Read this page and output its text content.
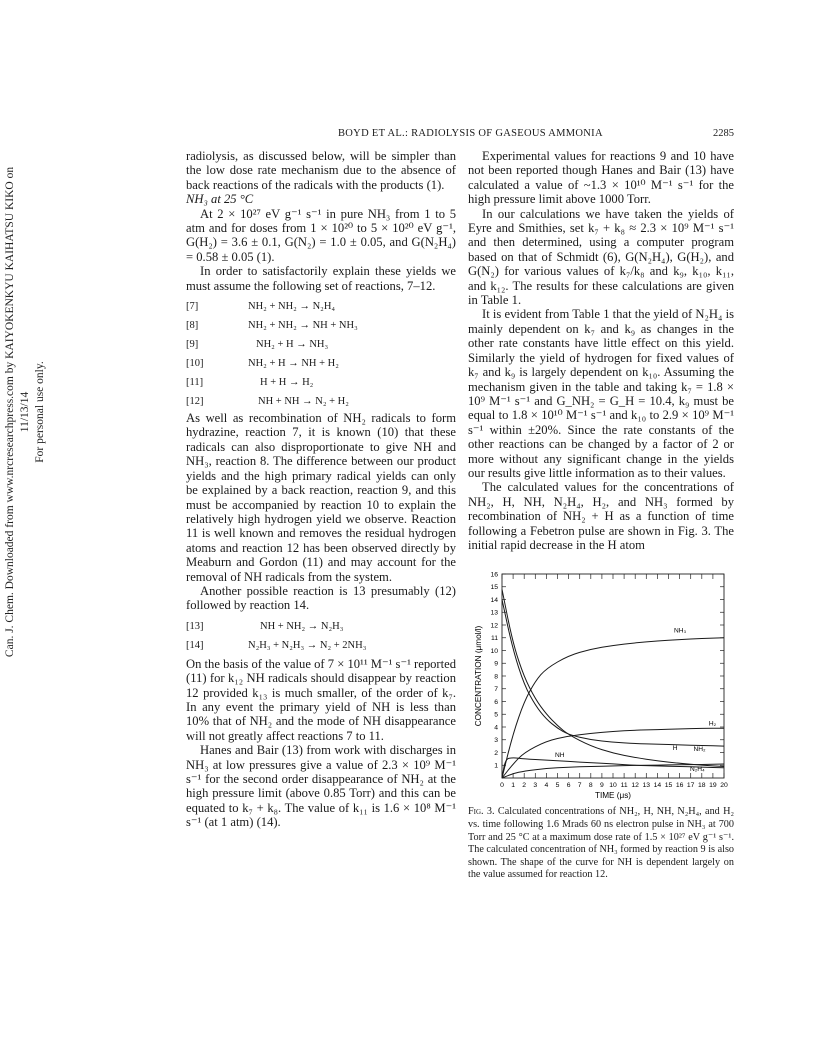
Can. J. Chem. Downloaded from www.nrcresearchpress.com by KAIYOKENKYU KAIHATSU KIKO on 11/13/14 For personal use only.
BOYD ET AL.: RADIOLYSIS OF GASEOUS AMMONIA	2285

radiolysis, as discussed below, will be simpler than the low dose rate mechanism due to the absence of back reactions of the radicals with the products (1).

NH₃ at 25 °C

At 2 × 10²⁷ eV g⁻¹ s⁻¹ in pure NH₃ from 1 to 5 atm and for doses from 1 × 10²⁰ to 5 × 10²⁰ eV g⁻¹, G(H₂) = 3.6 ± 0.1, G(N₂) = 1.0 ± 0.05, and G(N₂H₄) = 0.58 ± 0.05 (1).

In order to satisfactorily explain these yields we must assume the following set of reactions, 7–12.

[7]	NH₂ + NH₂ → N₂H₄
[8]	NH₂ + NH₂ → NH + NH₃
[9]	NH₂ + H → NH₃
[10]	NH₂ + H → NH + H₂
[11]	H + H → H₂
[12]	NH + NH → N₂ + H₂

As well as recombination of NH₂ radicals to form hydrazine, reaction 7, it is known (10) that these radicals can also disproportionate to give NH and NH₃, reaction 8. The difference between our product yields and the high primary radical yields can only be explained by a back reaction, reaction 9, and this must be accompanied by reaction 10 to explain the relatively high hydrogen yield we observe. Reaction 11 is well known and removes the residual hydrogen atoms and reaction 12 has been observed directly by Meaburn and Gordon (11) and may account for the removal of NH radicals from the system.

Another possible reaction is 13 presumably (12) followed by reaction 14.

[13]	NH + NH₂ → N₂H₃
[14]	N₂H₃ + N₂H₃ → N₂ + 2NH₃

On the basis of the value of 7 × 10¹¹ M⁻¹ s⁻¹ reported (11) for k₁₂ NH radicals should disappear by reaction 12 provided k₁₃ is much smaller, of the order of k₇. In any event the primary yield of NH is less than 10% that of NH₂ and the mode of NH disappearance will not greatly affect reactions 7 to 11.

Hanes and Bair (13) from work with discharges in NH₃ at low pressures give a value of 2.3 × 10⁹ M⁻¹ s⁻¹ for the second order disappearance of NH₂ at the high pressure limit (above 0.85 Torr) and this can be equated to k₇ + k₈. The value of k₁₁ is 1.6 × 10⁸ M⁻¹ s⁻¹ (at 1 atm) (14).

Experimental values for reactions 9 and 10 have not been reported though Hanes and Bair (13) have calculated a value of ~1.3 × 10¹⁰ M⁻¹ s⁻¹ for the high pressure limit above 1000 Torr.

In our calculations we have taken the yields of Eyre and Smithies, set k₇ + k₈ ≈ 2.3 × 10⁹ M⁻¹ s⁻¹ and then determined, using a computer program based on that of Schmidt (6), G(N₂H₄), G(H₂), and G(N₂) for various values of k₇/k₈ and k₉, k₁₀, k₁₁, and k₁₂. The results for these calculations are given in Table 1.

It is evident from Table 1 that the yield of N₂H₄ is mainly dependent on k₇ and k₉ as changes in the other rate constants have little effect on this yield. Similarly the yield of hydrogen for fixed values of k₇ and k₉ is largely dependent on k₁₀. Assuming the mechanism given in the table and taking k₇ = 1.8 × 10⁹ M⁻¹ s⁻¹ and G_NH₂ = G_H = 10.4, k₉ must be equal to 1.8 × 10¹⁰ M⁻¹ s⁻¹ and k₁₀ to 2.9 × 10⁹ M⁻¹ s⁻¹ within ±20%. Since the rate constants of the other reactions can be changed by a factor of 2 or more without any significant change in the yields our results give little information as to their values.

The calculated values for the concentrations of NH₂, H, NH, N₂H₄, H₂, and NH₃ formed by recombination of NH₂ + H as a function of time following a Febetron pulse are shown in Fig. 3. The initial rapid decrease in the H atom

0 1 2 3 4 5 6 7 8 9 10 11 12 13 14 15 16 17 18 19 20
1
2
3
4
5
6
7
8
9
10
11
12
13
14
15
16
TIME (μs)
CONCENTRATION (μmol/l)	NH₃
NH₂
H
H₂
NH
N₂H₄

Fig. 3. Calculated concentrations of NH₂, H, NH, N₂H₄, and H₂ vs. time following 1.6 Mrads 60 ns electron pulse in NH₃ at 700 Torr and 25 °C at a maximum dose rate of 1.5 × 10²⁷ eV g⁻¹ s⁻¹. The calculated concentration of NH₃ formed by reaction 9 is also shown. The shape of the curve for NH is dependent largely on the value assumed for reaction 12.
